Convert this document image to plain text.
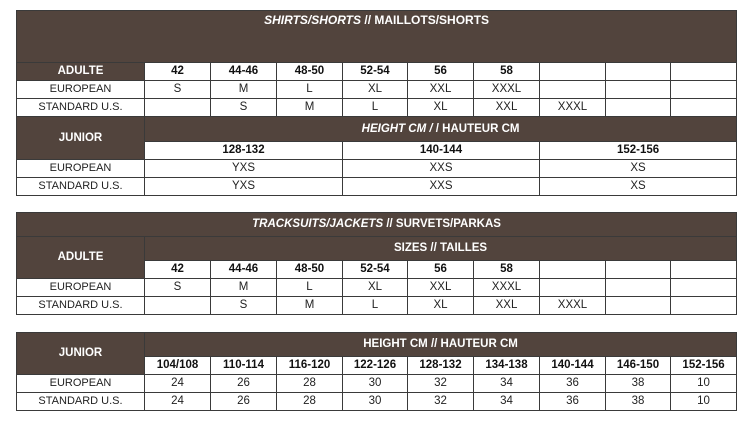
SHIRTS/SHORTS // MAILLOTS/SHORTS									
ADULTE	42	44-46	48-50	52-54	56	58			
EUROPEAN	S	M	L	XL	XXL	XXXL			
STANDARD U.S.		S	M	L	XL	XXL	XXXL		
JUNIOR	HEIGHT CM / / HAUTEUR CM								
	128-132			140-144			152-156		
EUROPEAN	YXS			XXS			XS		
STANDARD U.S.	YXS			XXS			XS		
TRACKSUITS/JACKETS // SURVETS/PARKAS									
ADULTE	SIZES // TAILLES								
	42	44-46	48-50	52-54	56	58			
EUROPEAN	S	M	L	XL	XXL	XXXL			
STANDARD U.S.		S	M	L	XL	XXL	XXXL		
JUNIOR	HEIGHT CM // HAUTEUR CM								
	104/108	110-114	116-120	122-126	128-132	134-138	140-144	146-150	152-156
EUROPEAN	24	26	28	30	32	34	36	38	10
STANDARD U.S.	24	26	28	30	32	34	36	38	10
